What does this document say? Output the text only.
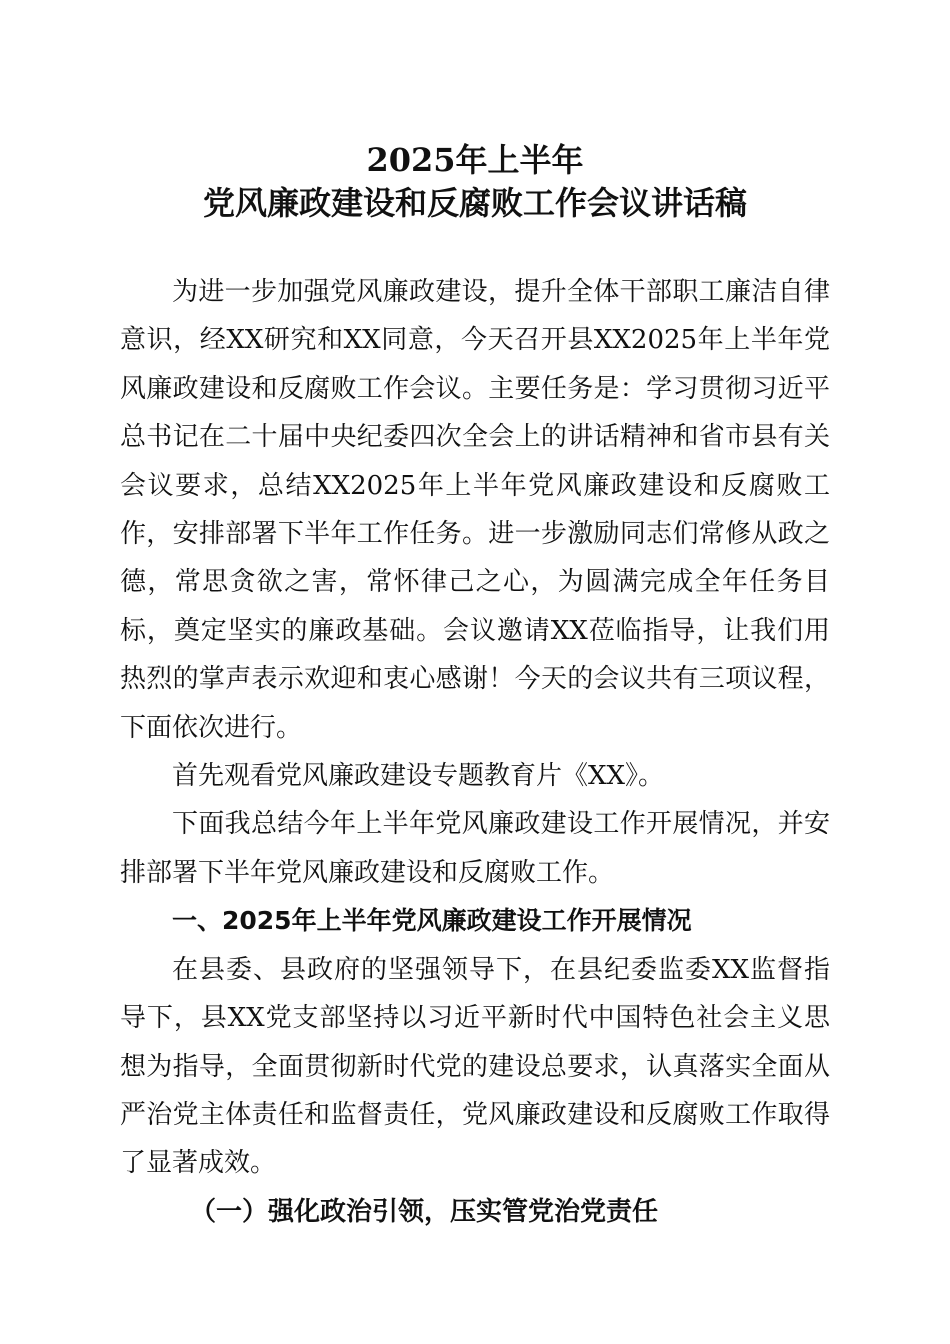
2025年上半年
党风廉政建设和反腐败工作会议讲话稿

为进一步加强党风廉政建设，提升全体干部职工廉洁自律意识，经XX研究和XX同意，今天召开县XX2025年上半年党风廉政建设和反腐败工作会议。主要任务是：学习贯彻习近平总书记在二十届中央纪委四次全会上的讲话精神和省市县有关会议要求，总结XX2025年上半年党风廉政建设和反腐败工作，安排部署下半年工作任务。进一步激励同志们常修从政之德，常思贪欲之害，常怀律己之心，为圆满完成全年任务目标，奠定坚实的廉政基础。会议邀请XX莅临指导，让我们用热烈的掌声表示欢迎和衷心感谢！今天的会议共有三项议程，下面依次进行。

首先观看党风廉政建设专题教育片《XX》。

下面我总结今年上半年党风廉政建设工作开展情况，并安排部署下半年党风廉政建设和反腐败工作。

一、2025年上半年党风廉政建设工作开展情况

在县委、县政府的坚强领导下，在县纪委监委XX监督指导下，县XX党支部坚持以习近平新时代中国特色社会主义思想为指导，全面贯彻新时代党的建设总要求，认真落实全面从严治党主体责任和监督责任，党风廉政建设和反腐败工作取得了显著成效。

（一）强化政治引领，压实管党治党责任
